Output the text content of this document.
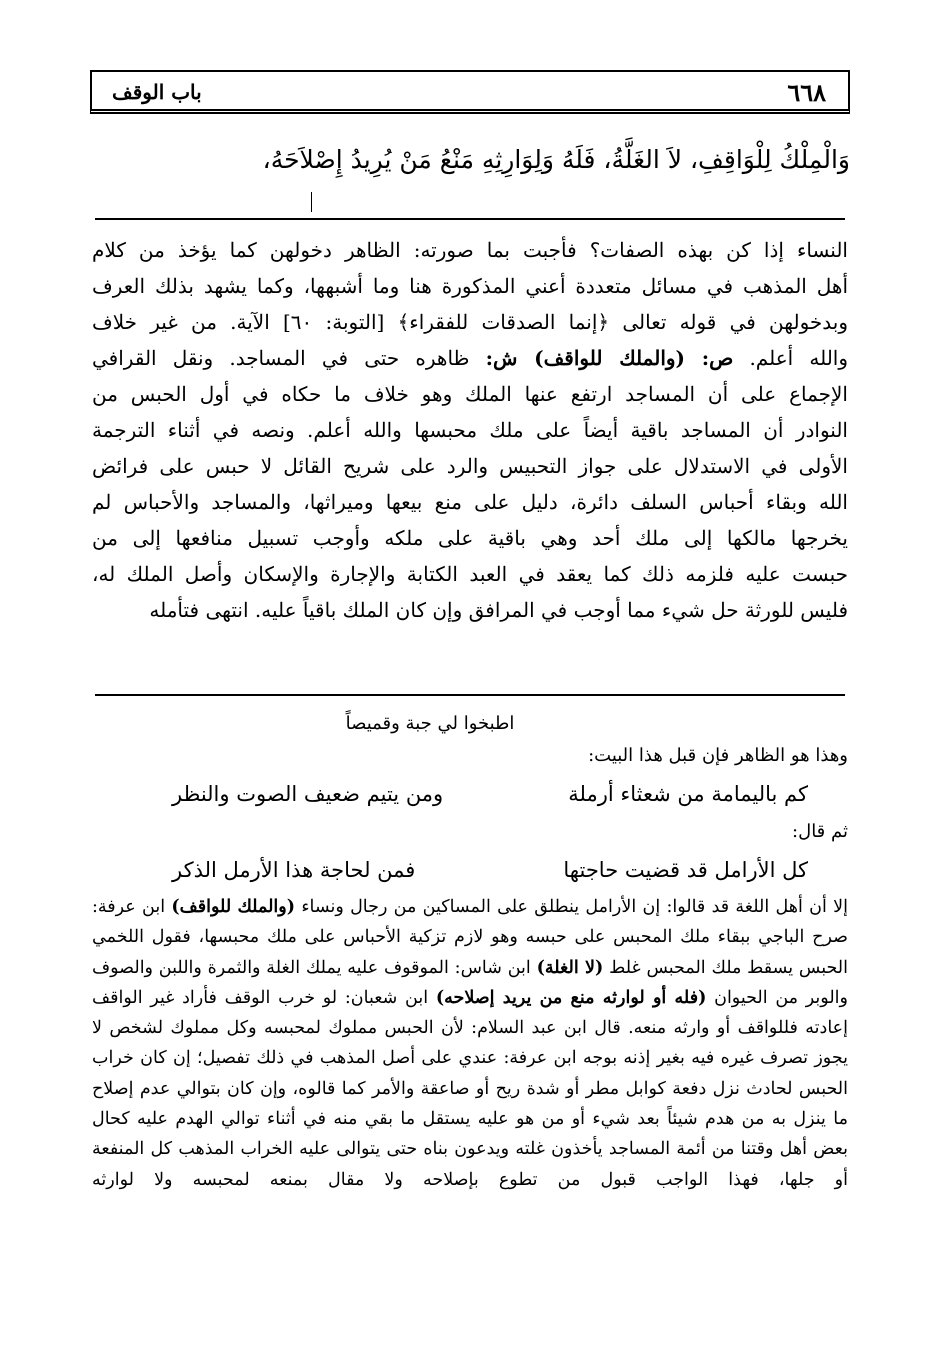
٦٦٨
باب الوقف
وَالْمِلْكُ لِلْوَاقِفِ، لاَ الغَلَّةُ، فَلَهُ وَلِوَارِثِهِ مَنْعُ مَنْ يُرِيدُ إِصْلاَحَهُ،

النساء إذا كن بهذه الصفات؟ فأجبت بما صورته: الظاهر دخولهن كما يؤخذ من كلام

أهل المذهب في مسائل متعددة أعني المذكورة هنا وما أشبهها، وكما يشهد بذلك العرف

وبدخولهن في قوله تعالى ﴿إنما الصدقات للفقراء﴾ [التوبة: ٦٠] الآية. من غير خلاف

والله أعلم. ص: (والملك للواقف) ش: ظاهره حتى في المساجد. ونقل القرافي

الإجماع على أن المساجد ارتفع عنها الملك وهو خلاف ما حكاه في أول الحبس من

النوادر أن المساجد باقية أيضاً على ملك محبسها والله أعلم. ونصه في أثناء الترجمة

الأولى في الاستدلال على جواز التحبيس والرد على شريح القائل لا حبس على فرائض

الله وبقاء أحباس السلف دائرة، دليل على منع بيعها وميراثها، والمساجد والأحباس لم

يخرجها مالكها إلى ملك أحد وهي باقية على ملكه وأوجب تسبيل منافعها إلى من

حبست عليه فلزمه ذلك كما يعقد في العبد الكتابة والإجارة والإسكان وأصل الملك له،

فليس للورثة حل شيء مما أوجب في المرافق وإن كان الملك باقياً عليه. انتهى فتأمله

اطبخوا لي جبة وقميصاً

وهذا هو الظاهر فإن قبل هذا البيت:

كم باليمامة من شعثاء أرملة
ومن يتيم ضعيف الصوت والنظر

ثم قال:

كل الأرامل قد قضيت حاجتها
فمن لحاجة هذا الأرمل الذكر

إلا أن أهل اللغة قد قالوا: إن الأرامل ينطلق على المساكين من رجال ونساء (والملك للواقف) ابن عرفة: صرح الباجي ببقاء ملك المحبس على حبسه وهو لازم تزكية الأحباس على ملك محبسها، فقول اللخمي الحبس يسقط ملك المحبس غلط (لا الغلة) ابن شاس: الموقوف عليه يملك الغلة والثمرة واللبن والصوف والوبر من الحيوان (فله أو لوارثه منع من يريد إصلاحه) ابن شعبان: لو خرب الوقف فأراد غير الواقف إعادته فللواقف أو وارثه منعه. قال ابن عبد السلام: لأن الحبس مملوك لمحبسه وكل مملوك لشخص لا يجوز تصرف غيره فيه بغير إذنه بوجه ابن عرفة: عندي على أصل المذهب في ذلك تفصيل؛ إن كان خراب الحبس لحادث نزل دفعة كوابل مطر أو شدة ريح أو صاعقة والأمر كما قالوه، وإن كان بتوالي عدم إصلاح ما ينزل به من هدم شيئاً بعد شيء أو من هو عليه يستقل ما بقي منه في أثناء توالي الهدم عليه كحال بعض أهل وقتنا من أئمة المساجد يأخذون غلته ويدعون بناه حتى يتوالى عليه الخراب المذهب كل المنفعة أو جلها، فهذا الواجب قبول من تطوع بإصلاحه ولا مقال بمنعه لمحبسه ولا لوارثه
